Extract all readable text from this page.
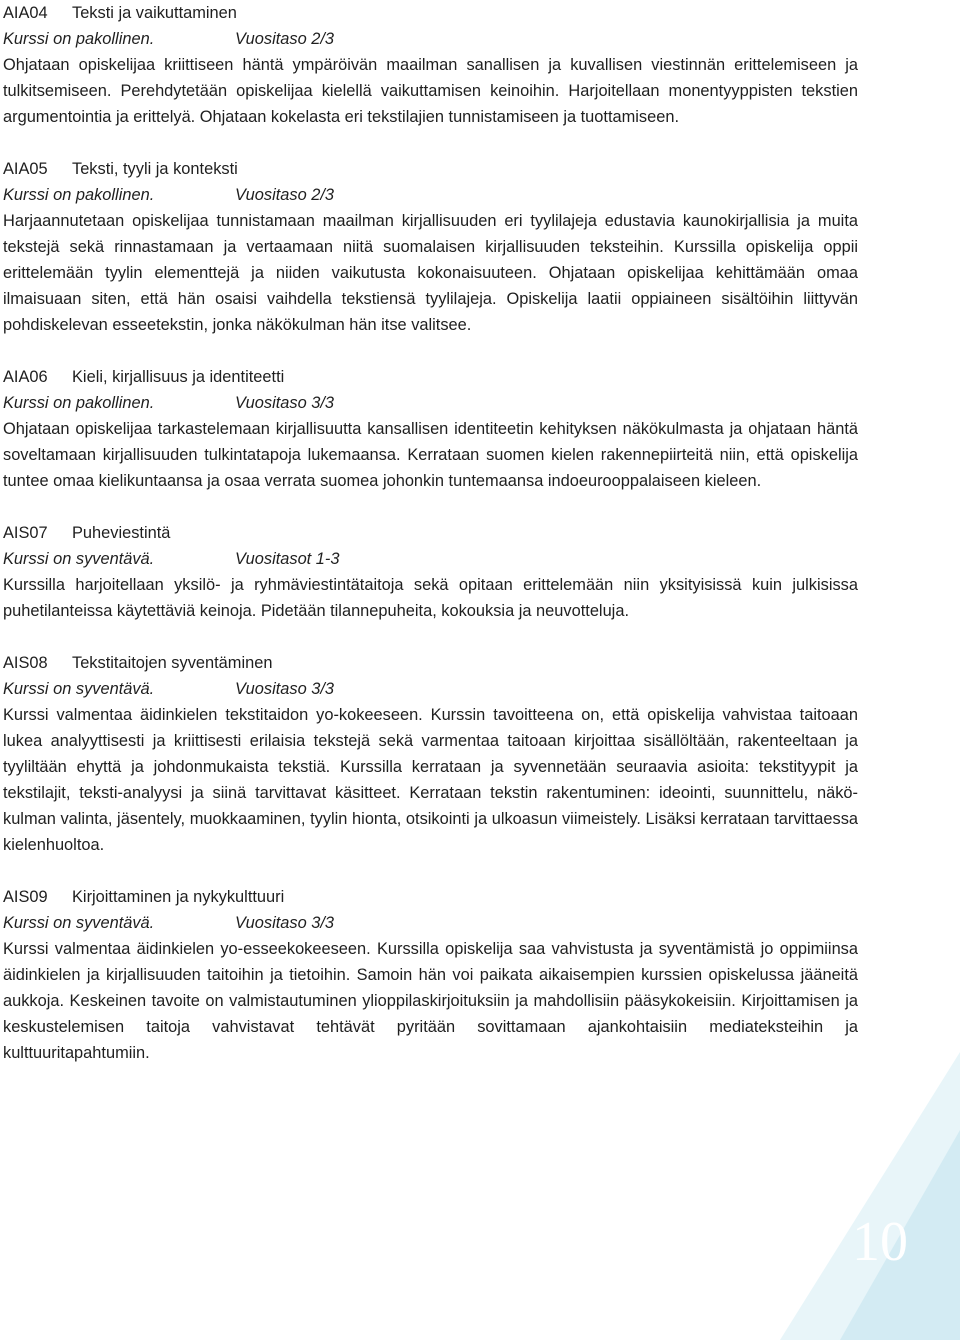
AIA04	Teksti ja vaikuttaminen
Kurssi on pakollinen.	Vuositaso 2/3

Ohjataan opiskelijaa kriittiseen häntä ympäröivän maailman sanallisen ja kuvallisen viestinnän erittelemiseen ja tulkitsemiseen. Perehdytetään opiskelijaa kielellä vaikuttamisen keinoihin. Harjoitellaan monentyyppisten tekstien argumentointia ja erittelyä. Ohjataan kokelasta eri tekstilajien tunnistamiseen ja tuottamiseen.

AIA05	Teksti, tyyli ja konteksti
Kurssi on pakollinen.	Vuositaso 2/3

Harjaannutetaan opiskelijaa tunnistamaan maailman kirjallisuuden eri tyylilajeja edustavia kaunokirjallisia ja muita tekstejä sekä rinnastamaan ja vertaamaan niitä suomalaisen kirjallisuuden teksteihin. Kurssilla opiskelija oppii erittelemään tyylin elementtejä ja niiden vaikutusta kokonaisuuteen. Ohjataan opiskelijaa kehittämään omaa ilmaisuaan siten, että hän osaisi vaihdella tekstiensä tyylilajeja. Opiskelija laatii oppiaineen sisältöihin liittyvän pohdiskelevan esseetekstin, jonka näkökulman hän itse valitsee.

AIA06	Kieli, kirjallisuus ja identiteetti
Kurssi on pakollinen.	Vuositaso 3/3

Ohjataan opiskelijaa tarkastelemaan kirjallisuutta kansallisen identiteetin kehityksen näkökulmasta ja ohjataan häntä soveltamaan kirjallisuuden tulkintatapoja lukemaansa. Kerrataan suomen kielen rakennepiirteitä niin, että opiskelija tuntee omaa kielikuntaansa ja osaa verrata suomea johonkin tuntemaansa indoeurooppalaiseen kieleen.

AIS07	Puheviestintä
Kurssi on syventävä.	Vuositasot 1-3

Kurssilla harjoitellaan yksilö- ja ryhmäviestintätaitoja sekä opitaan erittelemään niin yksityisissä kuin julkisissa puhetilanteissa käytettäviä keinoja. Pidetään tilannepuheita, kokouksia ja neuvotteluja.

AIS08	Tekstitaitojen syventäminen
Kurssi on syventävä.	Vuositaso 3/3

Kurssi valmentaa äidinkielen tekstitaidon yo-kokeeseen. Kurssin tavoitteena on, että opiskelija vahvistaa taitoaan lukea analyyttisesti ja kriittisesti erilaisia tekstejä sekä varmentaa taitoaan kirjoittaa sisällöltään, rakenteeltaan ja tyyliltään ehyttä ja johdonmukaista tekstiä. Kurssilla kerrataan ja syvennetään seuraavia asioita: tekstityypit ja tekstilajit, teksti-analyysi ja siinä tarvittavat käsitteet. Kerrataan tekstin rakentuminen: ideointi, suunnittelu, näkö-kulman valinta, jäsentely, muokkaaminen, tyylin hionta, otsikointi ja ulkoasun viimeistely. Lisäksi kerrataan tarvittaessa kielenhuoltoa.

AIS09	Kirjoittaminen ja nykykulttuuri
Kurssi on syventävä.	Vuositaso 3/3

Kurssi valmentaa äidinkielen yo-esseekokeeseen. Kurssilla opiskelija saa vahvistusta ja syventämistä jo oppimiinsa äidinkielen ja kirjallisuuden taitoihin ja tietoihin. Samoin hän voi paikata aikaisempien kurssien opiskelussa jääneitä aukkoja. Keskeinen tavoite on valmistautuminen ylioppilaskirjoituksiin ja mahdollisiin pääsykokeisiin. Kirjoittamisen ja keskustelemisen taitoja vahvistavat tehtävät pyritään sovittamaan ajankohtaisiin mediateksteihin ja kulttuuritapahtumiin.

10
